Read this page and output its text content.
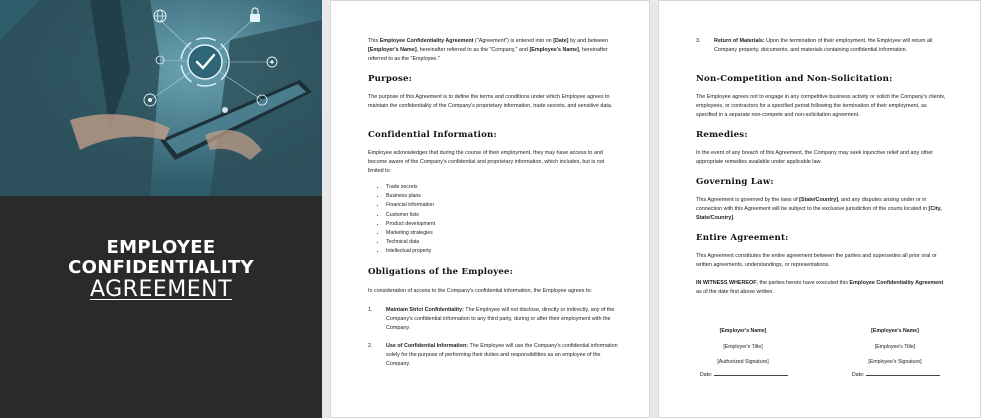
EMPLOYEE
CONFIDENTIALITY
AGREEMENT
This Employee Confidentiality Agreement ("Agreement") is entered into on [Date] by and between [Employer's Name], hereinafter referred to as the "Company," and [Employee's Name], hereinafter referred to as the "Employee."
Purpose:
The purpose of this Agreement is to define the terms and conditions under which Employee agrees to maintain the confidentiality of the Company's proprietary information, trade secrets, and sensitive data.
Confidential Information:
Employee acknowledges that during the course of their employment, they may have access to and become aware of the Company's confidential and proprietary information, which includes, but is not limited to:
• Trade secrets
• Business plans
• Financial information
• Customer lists
• Product development
• Marketing strategies
• Technical data
• Intellectual property
Obligations of the Employee:
In consideration of access to the Company's confidential information, the Employee agrees to:
1.	Maintain Strict Confidentiality: The Employee will not disclose, directly or indirectly, any of the Company's confidential information to any third party, during or after their employment with the Company.
2.	Use of Confidential Information: The Employee will use the Company's confidential information solely for the purpose of performing their duties and responsibilities as an employee of the Company.
3.	Return of Materials: Upon the termination of their employment, the Employee will return all Company property, documents, and materials containing confidential information.
Non-Competition and Non-Solicitation:
The Employee agrees not to engage in any competitive business activity or solicit the Company's clients, employees, or contractors for a specified period following the termination of their employment, as specified in a separate non-compete and non-solicitation agreement.
Remedies:
In the event of any breach of this Agreement, the Company may seek injunctive relief and any other appropriate remedies available under applicable law.
Governing Law:
This Agreement is governed by the laws of [State/Country], and any disputes arising under or in connection with this Agreement will be subject to the exclusive jurisdiction of the courts located in [City, State/Country].
Entire Agreement:
This Agreement constitutes the entire agreement between the parties and supersedes all prior oral or written agreements, understandings, or representations.
IN WITNESS WHEREOF, the parties hereto have executed this Employee Confidentiality Agreement as of the date first above written.
[Employer's Name]
[Employer's Title]
[Authorized Signature]
Date:
[Employee's Name]
[Employee's Title]
[Employee's Signature]
Date:
